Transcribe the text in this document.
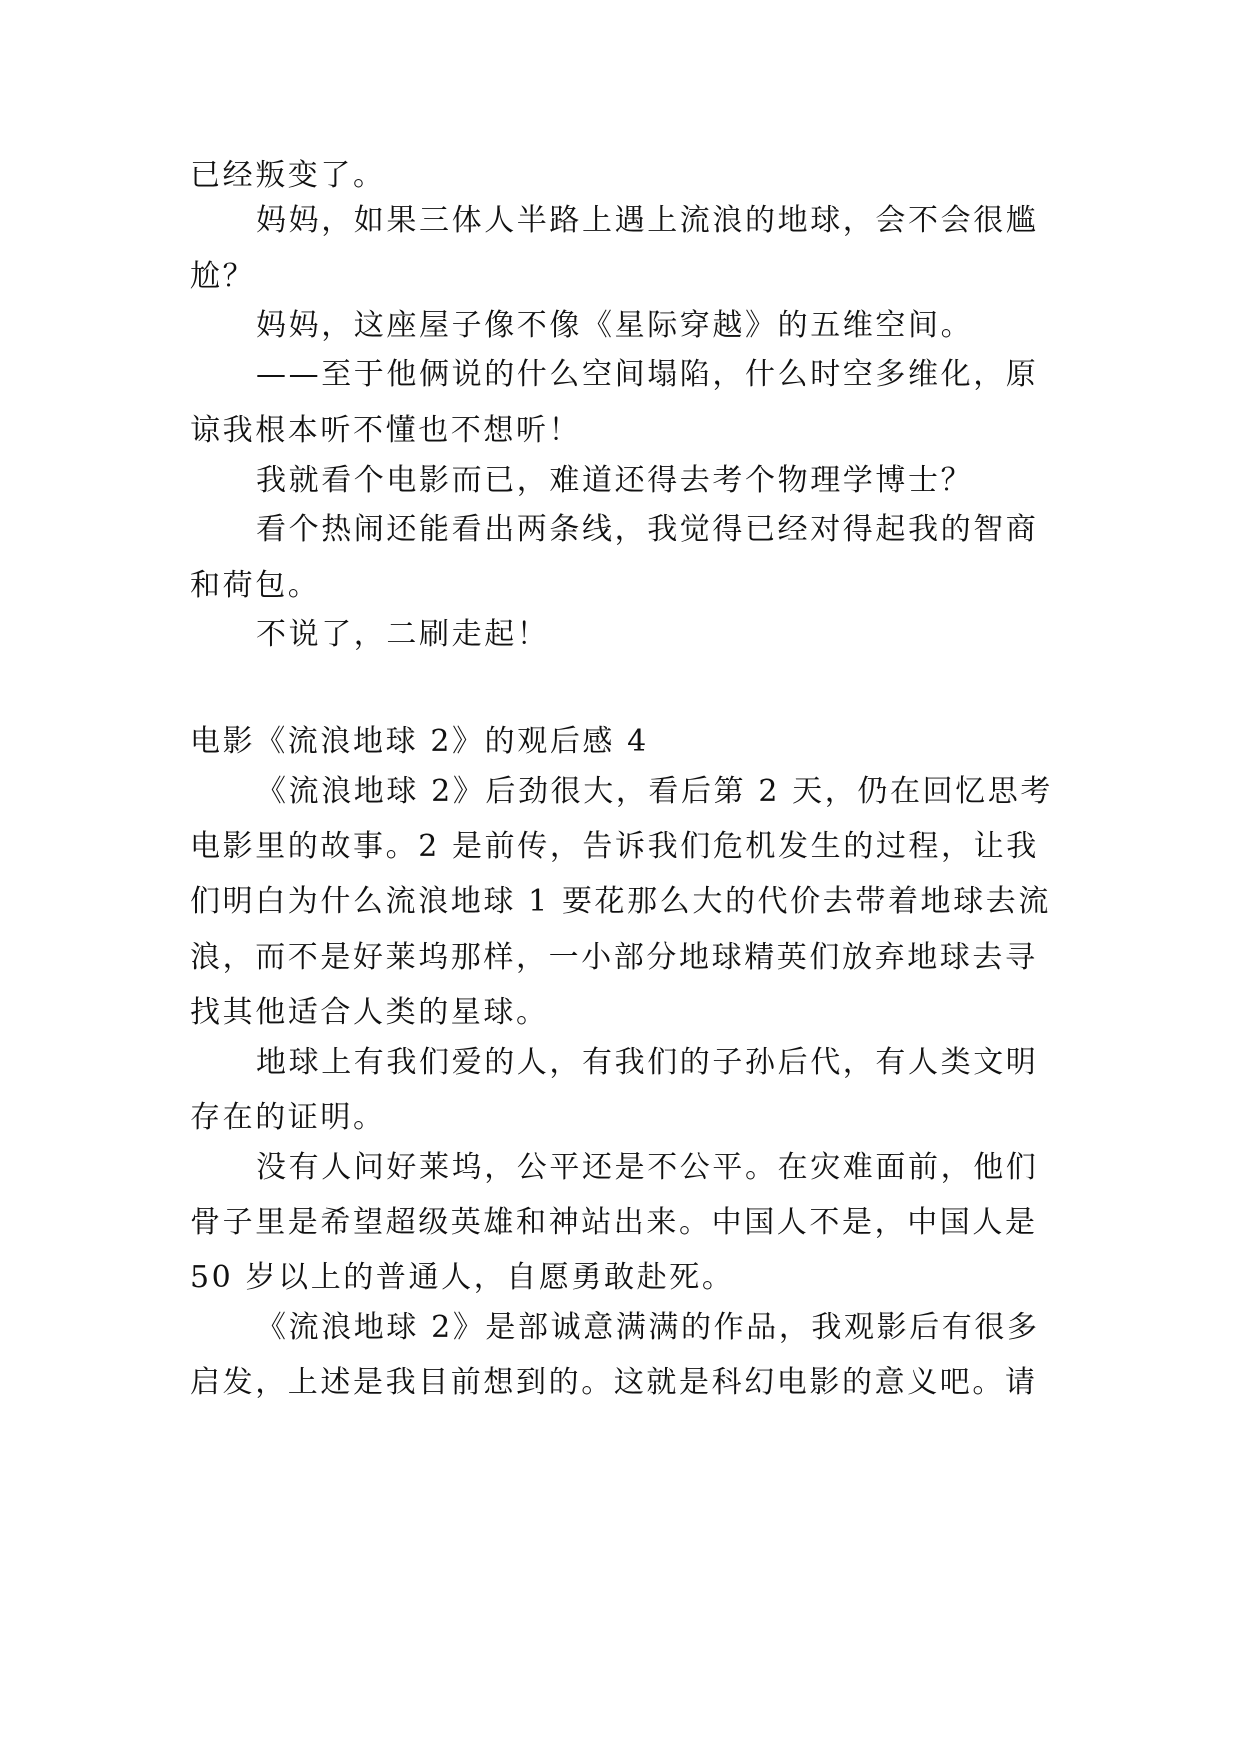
已经叛变了。
妈妈，如果三体人半路上遇上流浪的地球，会不会很尴
尬？
妈妈，这座屋子像不像《星际穿越》的五维空间。
——至于他俩说的什么空间塌陷，什么时空多维化，原
谅我根本听不懂也不想听！
我就看个电影而已，难道还得去考个物理学博士？
看个热闹还能看出两条线，我觉得已经对得起我的智商
和荷包。
不说了，二刷走起！
电影《流浪地球 2》的观后感 4
《流浪地球 2》后劲很大，看后第 2 天，仍在回忆思考
电影里的故事。2 是前传，告诉我们危机发生的过程，让我
们明白为什么流浪地球 1 要花那么大的代价去带着地球去流
浪，而不是好莱坞那样，一小部分地球精英们放弃地球去寻
找其他适合人类的星球。
地球上有我们爱的人，有我们的子孙后代，有人类文明
存在的证明。
没有人问好莱坞，公平还是不公平。在灾难面前，他们
骨子里是希望超级英雄和神站出来。中国人不是，中国人是
50 岁以上的普通人，自愿勇敢赴死。
《流浪地球 2》是部诚意满满的作品，我观影后有很多
启发，上述是我目前想到的。这就是科幻电影的意义吧。请
